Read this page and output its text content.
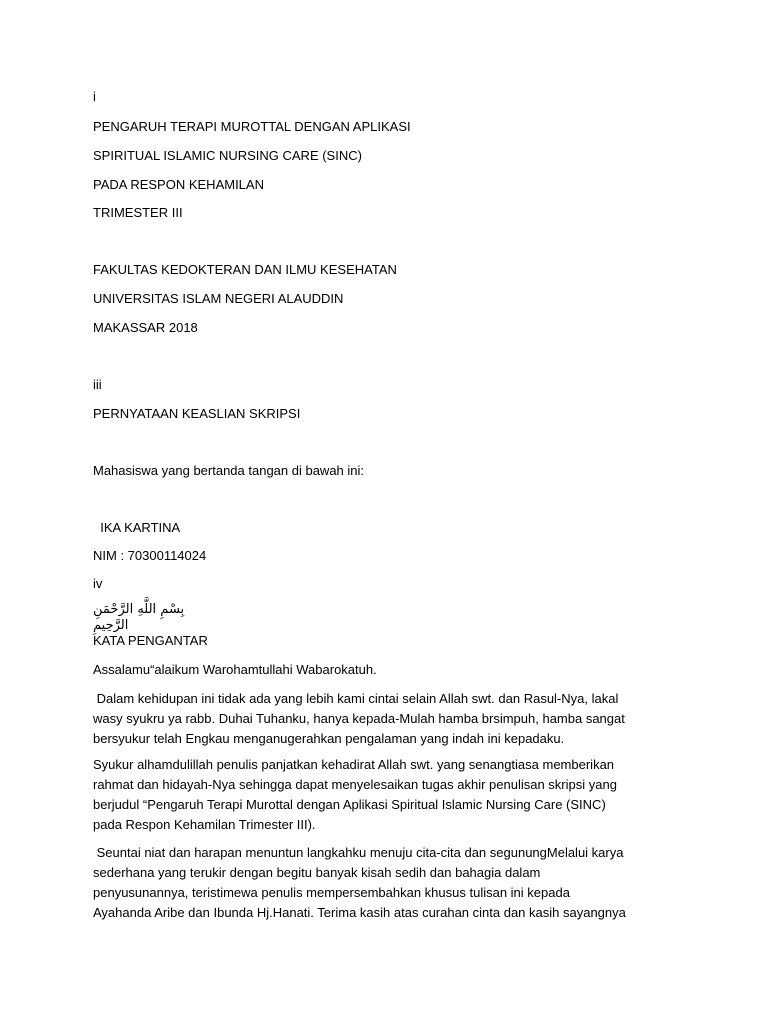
i
PENGARUH TERAPI MUROTTAL DENGAN APLIKASI
SPIRITUAL ISLAMIC NURSING CARE (SINC)
PADA RESPON KEHAMILAN
TRIMESTER III
FAKULTAS KEDOKTERAN DAN ILMU KESEHATAN
UNIVERSITAS ISLAM NEGERI ALAUDDIN
MAKASSAR 2018
iii
PERNYATAAN KEASLIAN SKRIPSI
Mahasiswa yang bertanda tangan di bawah ini:
IKA KARTINA
NIM : 70300114024
iv
بِسْمِ اللَّهِ الرَّحْمَنِ الرَّحِيمِ
KATA PENGANTAR
Assalamu“alaikum Warohamtullahi Wabarokatuh.
Dalam kehidupan ini tidak ada yang lebih kami cintai selain Allah swt. dan Rasul-Nya, lakal
wasy syukru ya rabb. Duhai Tuhanku, hanya kepada-Mulah hamba brsimpuh, hamba sangat
bersyukur telah Engkau menganugerahkan pengalaman yang indah ini kepadaku.
Syukur alhamdulillah penulis panjatkan kehadirat Allah swt. yang senangtiasa memberikan
rahmat dan hidayah-Nya sehingga dapat menyelesaikan tugas akhir penulisan skripsi yang
berjudul “Pengaruh Terapi Murottal dengan Aplikasi Spiritual Islamic Nursing Care (SINC)
pada Respon Kehamilan Trimester III).
Seuntai niat dan harapan menuntun langkahku menuju cita-cita dan segunungMelalui karya
sederhana yang terukir dengan begitu banyak kisah sedih dan bahagia dalam
penyusunannya, teristimewa penulis mempersembahkan khusus tulisan ini kepada
Ayahanda Aribe dan Ibunda Hj.Hanati. Terima kasih atas curahan cinta dan kasih sayangnya
